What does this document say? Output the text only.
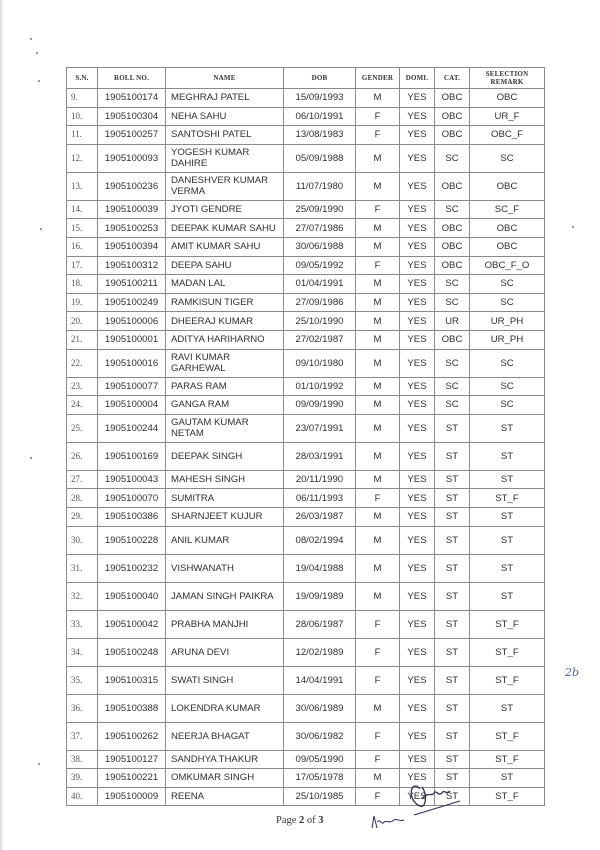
S.N.	ROLL NO.	NAME	DOB	GENDER	DOMI.	CAT.	SELECTION
REMARK
9.	1905100174	MEGHRAJ PATEL	15/09/1993	M	YES	OBC	OBC
10.	1905100304	NEHA SAHU	06/10/1991	F	YES	OBC	UR_F
11.	1905100257	SANTOSHI PATEL	13/08/1983	F	YES	OBC	OBC_F
12.	1905100093	YOGESH KUMAR DAHIRE	05/09/1988	M	YES	SC	SC
13.	1905100236	DANESHVER KUMAR VERMA	11/07/1980	M	YES	OBC	OBC
14.	1905100039	JYOTI GENDRE	25/09/1990	F	YES	SC	SC_F
15.	1905100253	DEEPAK KUMAR SAHU	27/07/1986	M	YES	OBC	OBC
16.	1905100394	AMIT KUMAR SAHU	30/06/1988	M	YES	OBC	OBC
17.	1905100312	DEEPA SAHU	09/05/1992	F	YES	OBC	OBC_F_O
18.	1905100211	MADAN LAL	01/04/1991	M	YES	SC	SC
19.	1905100249	RAMKISUN TIGER	27/09/1986	M	YES	SC	SC
20.	1905100006	DHEERAJ KUMAR	25/10/1990	M	YES	UR	UR_PH
21.	1905100001	ADITYA HARIHARNO	27/02/1987	M	YES	OBC	UR_PH
22.	1905100016	RAVI KUMAR GARHEWAL	09/10/1980	M	YES	SC	SC
23.	1905100077	PARAS RAM	01/10/1992	M	YES	SC	SC
24.	1905100004	GANGA RAM	09/09/1990	M	YES	SC	SC
25.	1905100244	GAUTAM KUMAR NETAM	23/07/1991	M	YES	ST	ST
26.	1905100169	DEEPAK SINGH	28/03/1991	M	YES	ST	ST
27.	1905100043	MAHESH SINGH	20/11/1990	M	YES	ST	ST
28.	1905100070	SUMITRA	06/11/1993	F	YES	ST	ST_F
29.	1905100386	SHARNJEET KUJUR	26/03/1987	M	YES	ST	ST
30.	1905100228	ANIL KUMAR	08/02/1994	M	YES	ST	ST
31.	1905100232	VISHWANATH	19/04/1988	M	YES	ST	ST
32.	1905100040	JAMAN SINGH PAIKRA	19/09/1989	M	YES	ST	ST
33.	1905100042	PRABHA MANJHI	28/06/1987	F	YES	ST	ST_F
34.	1905100248	ARUNA DEVI	12/02/1989	F	YES	ST	ST_F
35.	1905100315	SWATI SINGH	14/04/1991	F	YES	ST	ST_F
36.	1905100388	LOKENDRA KUMAR	30/06/1989	M	YES	ST	ST
37.	1905100262	NEERJA BHAGAT	30/06/1982	F	YES	ST	ST_F
38.	1905100127	SANDHYA THAKUR	09/05/1990	F	YES	ST	ST_F
39.	1905100221	OMKUMAR SINGH	17/05/1978	M	YES	ST	ST
40.	1905100009	REENA	25/10/1985	F	YES	ST	ST_F
2b
Page 2 of 3
